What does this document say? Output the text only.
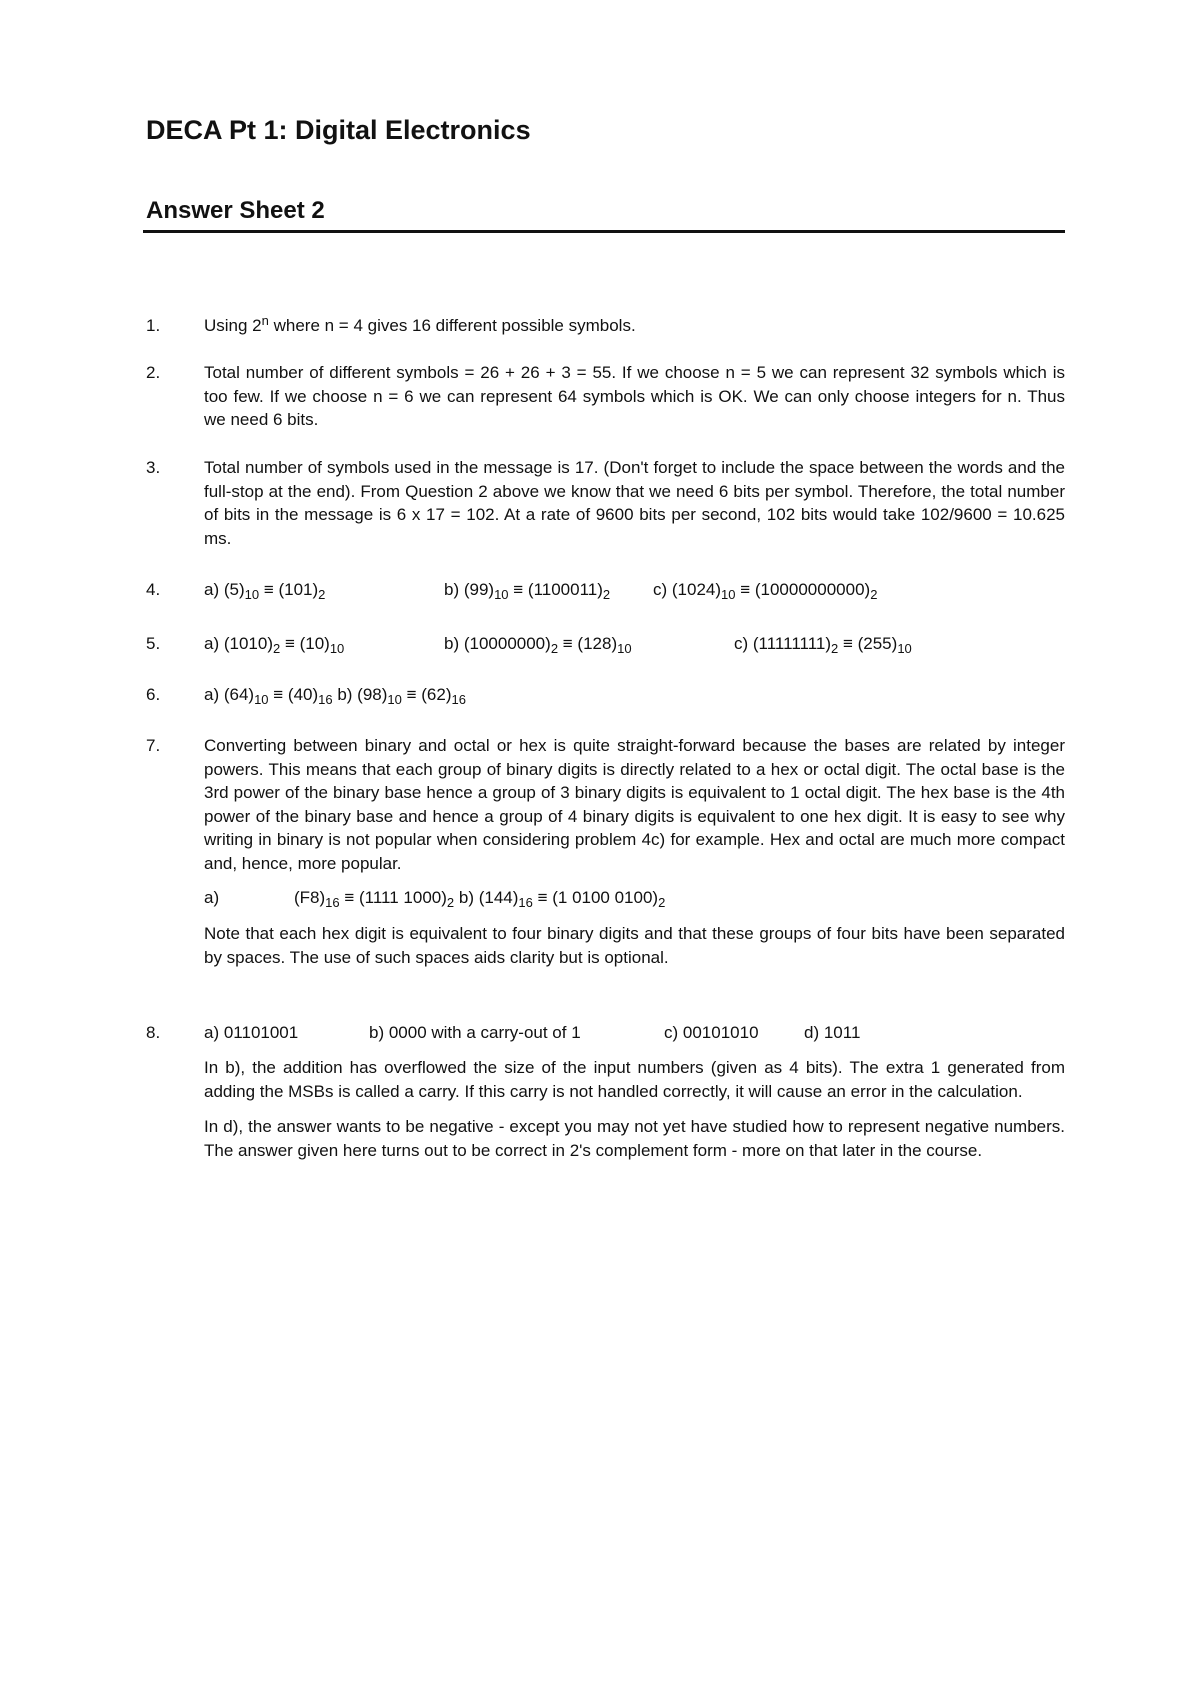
DECA Pt 1: Digital Electronics
Answer Sheet 2
1.	Using 2$^n$ where n = 4 gives 16 different possible symbols.
2.	Total number of different symbols = 26 + 26 + 3 = 55. If we choose n = 5 we can represent 32 symbols which is too few. If we choose n = 6 we can represent 64 symbols which is OK. We can only choose integers for n. Thus we need 6 bits.

3.	Total number of symbols used in the message is 17. (Don't forget to include the space between the words and the full-stop at the end). From Question 2 above we know that we need 6 bits per symbol. Therefore, the total number of bits in the message is 6 x 17 = 102. At a rate of 9600 bits per second, 102 bits would take 102/9600 = 10.625 ms.

4.	a) $(5)_{10} \equiv (101)_2$	b) $(99)_{10} \equiv (1100011)_2$	c) $(1024)_{10} \equiv (10000000000)_2$
5.	a) $(1010)_2 \equiv (10)_{10}$	b) $(10000000)_2 \equiv (128)_{10}$	c) $(11111111)_2 \equiv (255)_{10}$
6.	a) $(64)_{10} \equiv (40)_{16}$ b) $(98)_{10} \equiv (62)_{16}$
7.	Converting between binary and octal or hex is quite straight-forward because the bases are related by integer powers. This means that each group of binary digits is directly related to a hex or octal digit. The octal base is the 3rd power of the binary base hence a group of 3 binary digits is equivalent to 1 octal digit. The hex base is the 4th power of the binary base and hence a group of 4 binary digits is equivalent to one hex digit. It is easy to see why writing in binary is not popular when considering problem 4c) for example. Hex and octal are much more compact and, hence, more popular.

a)	$(F8)_{16} \equiv (1111$ $1000)_2$ b) $(144)_{16} \equiv (1$ 0100 $0100)_2$

Note that each hex digit is equivalent to four binary digits and that these groups of four bits have been separated by spaces. The use of such spaces aids clarity but is optional.

8.	a) 01101001	b) 0000 with a carry-out of 1	c) 00101010	d) 1011

In b), the addition has overflowed the size of the input numbers (given as 4 bits). The extra 1 generated from adding the MSBs is called a carry. If this carry is not handled correctly, it will cause an error in the calculation.

In d), the answer wants to be negative - except you may not yet have studied how to represent negative numbers. The answer given here turns out to be correct in 2's complement form - more on that later in the course.
